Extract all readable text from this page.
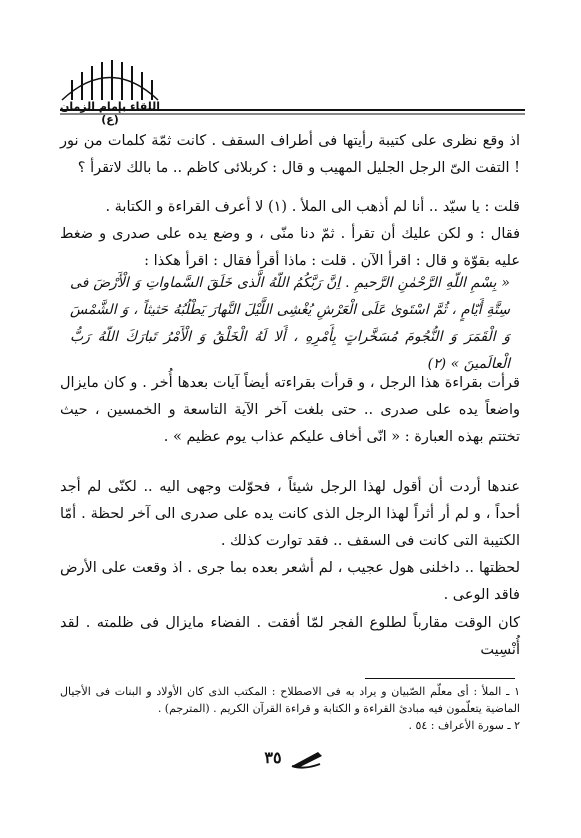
اللقاء بإمام الزمان (ع)
اذ وقع نظرى على كتيبة رأيتها فى أطراف السقف . كانت ثمّة كلمات من نور ! التفت الىّ الرجل الجليل المهيب و قال : كربلائى كاظم .. ما بالك لاتقرأ ؟
قلت : يا سيّد .. أنا لم أذهب الى الملأ . (١) لا أعرف القراءة و الكتابة .
فقال : و لكن عليك أن تقرأ . ثمّ دنا منّى ، و وضع يده على صدرى و ضغط عليه بقوّة و قال : اقرأ الآن . قلت : ماذا أقرأ فقال : اقرأ هكذا :
« بِسْمِ اللّهِ الرَّحْمٰنِ الرَّحيمِ . اِنَّ رَبَّكُمُ اللّهُ الَّذى خَلَقَ السَّماواتِ وَ الْأَرْضَ فى سِتَّةِ أَيّامٍ ، ثُمَّ اسْتَوىٰ عَلَى الْعَرْشِ يُغْشِى اللَّيْلَ النَّهارَ يَطْلُبُهُ حَثيثاً ، وَ الشَّمْسَ وَ الْقَمَرَ وَ النُّجُومَ مُسَخَّراتٍ بِأَمْرِهِ ، أَلا لَهُ الْخَلْقُ وَ الْأَمْرُ تَبارَكَ اللّهُ رَبُّ الْعالَمينَ » (٢)
قرأت بقراءة هذا الرجل ، و قرأت بقراءته أيضاً آيات بعدها أُخر . و كان مايزال واضعاً يده على صدرى .. حتى بلغت آخر الآية التاسعة و الخمسين ، حيث تختتم بهذه العبارة : « انّى أخاف عليكم عذاب يوم عظيم » .
عندها أردت أن أقول لهذا الرجل شيئاً ، فحوّلت وجهى اليه .. لكنّى لم أجد أحداً ، و لم أر أثراً لهذا الرجل الذى كانت يده على صدرى الى آخر لحظة . أمّا الكتيبة التى كانت فى السقف .. فقد توارت كذلك .
لحظتها .. داخلنى هول عجيب ، لم أشعر بعده بما جرى . اذ وقعت على الأرض فاقد الوعى .
كان الوقت مقارباً لطلوع الفجر لمّا أفقت . الفضاء مايزال فى ظلمته . لقد أُنْسِيت
١ ـ الملأ : أى معلّم الصّبيان و يراد به فى الاصطلاح : المكتب الذى كان الأولاد و البنات فى الأجيال الماضية يتعلّمون فيه مبادئ القراءة و الكتابة و قراءة القرآن الكريم . (المترجم) .
٢ ـ سورة الأعراف : ٥٤ .
٣٥
